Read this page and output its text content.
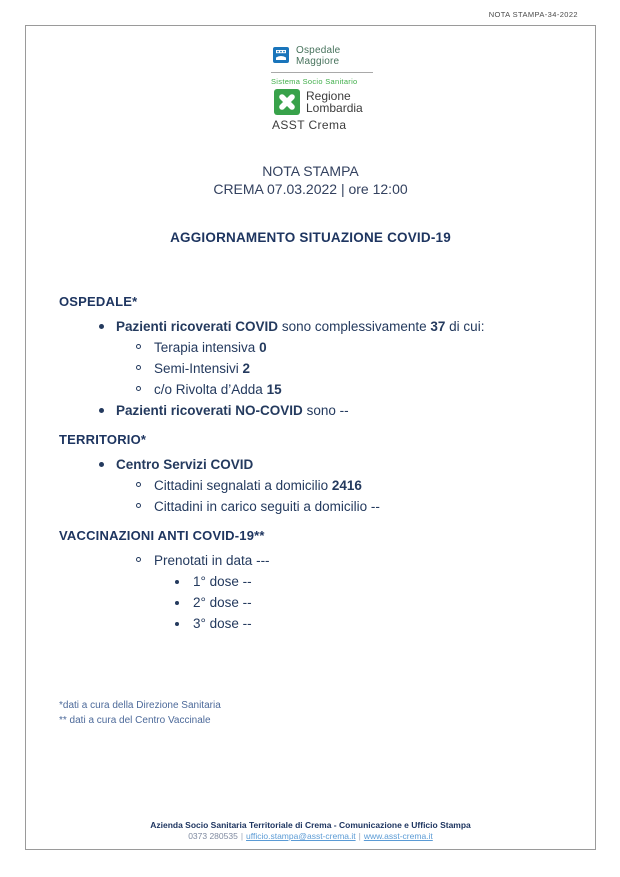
NOTA STAMPA-34-2022
Ospedale
Maggiore
Sistema Socio Sanitario
Regione
Lombardia
ASST Crema
NOTA STAMPA
CREMA 07.03.2022 | ore 12:00
AGGIORNAMENTO SITUAZIONE COVID-19
OSPEDALE*
Pazienti ricoverati COVID sono complessivamente 37 di cui:
Terapia intensiva 0
Semi-Intensivi 2
c/o Rivolta d’Adda 15
Pazienti ricoverati NO-COVID sono --
TERRITORIO*
Centro Servizi COVID
Cittadini segnalati a domicilio 2416
Cittadini in carico seguiti a domicilio --
VACCINAZIONI ANTI COVID-19**
Prenotati in data ---
1° dose --
2° dose --
3° dose --
*dati a cura della Direzione Sanitaria
** dati a cura del Centro Vaccinale
Azienda Socio Sanitaria Territoriale di Crema - Comunicazione e Ufficio Stampa
0373 280535 | ufficio.stampa@asst-crema.it | www.asst-crema.it
